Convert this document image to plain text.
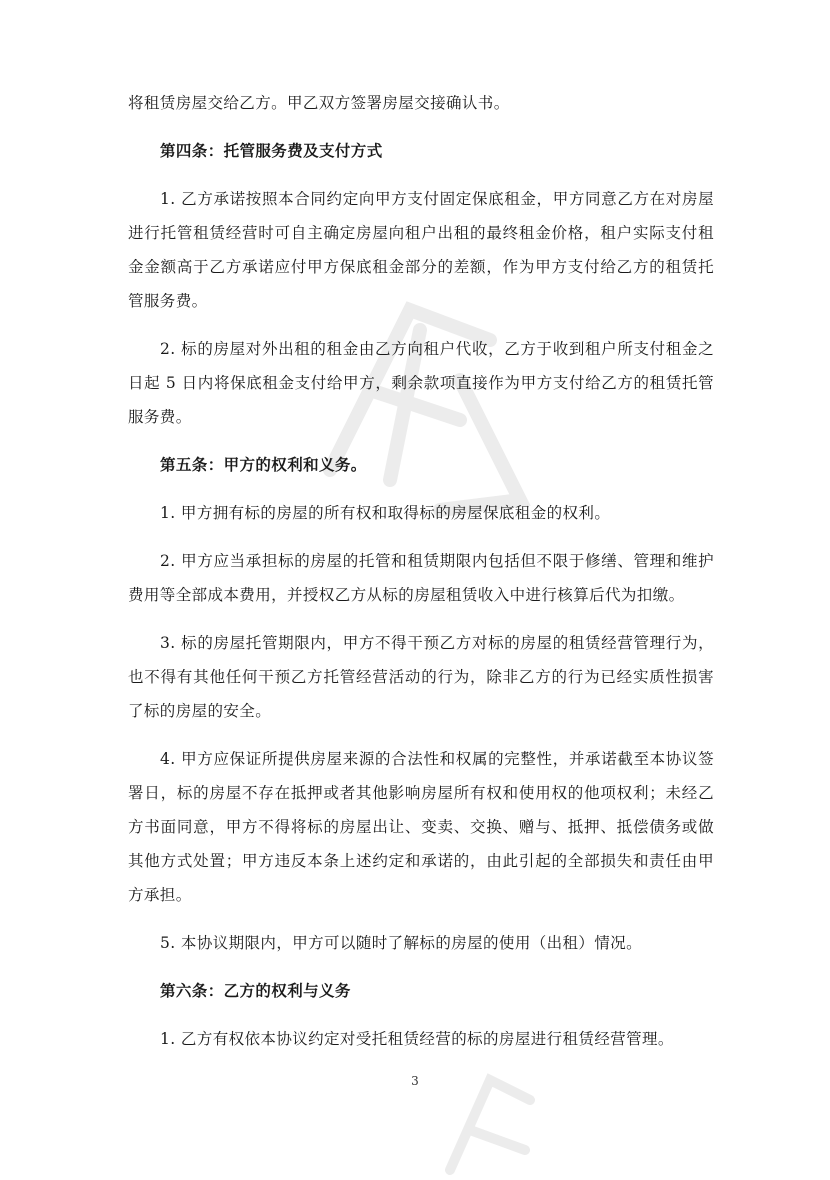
将租赁房屋交给乙方。甲乙双方签署房屋交接确认书。

第四条：托管服务费及支付方式

1. 乙方承诺按照本合同约定向甲方支付固定保底租金，甲方同意乙方在对房屋进行托管租赁经营时可自主确定房屋向租户出租的最终租金价格，租户实际支付租金金额高于乙方承诺应付甲方保底租金部分的差额，作为甲方支付给乙方的租赁托管服务费。

2. 标的房屋对外出租的租金由乙方向租户代收，乙方于收到租户所支付租金之日起 5 日内将保底租金支付给甲方，剩余款项直接作为甲方支付给乙方的租赁托管服务费。

第五条：甲方的权利和义务。

1. 甲方拥有标的房屋的所有权和取得标的房屋保底租金的权利。

2. 甲方应当承担标的房屋的托管和租赁期限内包括但不限于修缮、管理和维护费用等全部成本费用，并授权乙方从标的房屋租赁收入中进行核算后代为扣缴。

3. 标的房屋托管期限内，甲方不得干预乙方对标的房屋的租赁经营管理行为，也不得有其他任何干预乙方托管经营活动的行为，除非乙方的行为已经实质性损害了标的房屋的安全。

4. 甲方应保证所提供房屋来源的合法性和权属的完整性，并承诺截至本协议签署日，标的房屋不存在抵押或者其他影响房屋所有权和使用权的他项权利；未经乙方书面同意，甲方不得将标的房屋出让、变卖、交换、赠与、抵押、抵偿债务或做其他方式处置；甲方违反本条上述约定和承诺的，由此引起的全部损失和责任由甲方承担。

5. 本协议期限内，甲方可以随时了解标的房屋的使用（出租）情况。

第六条：乙方的权利与义务

1. 乙方有权依本协议约定对受托租赁经营的标的房屋进行租赁经营管理。

3
